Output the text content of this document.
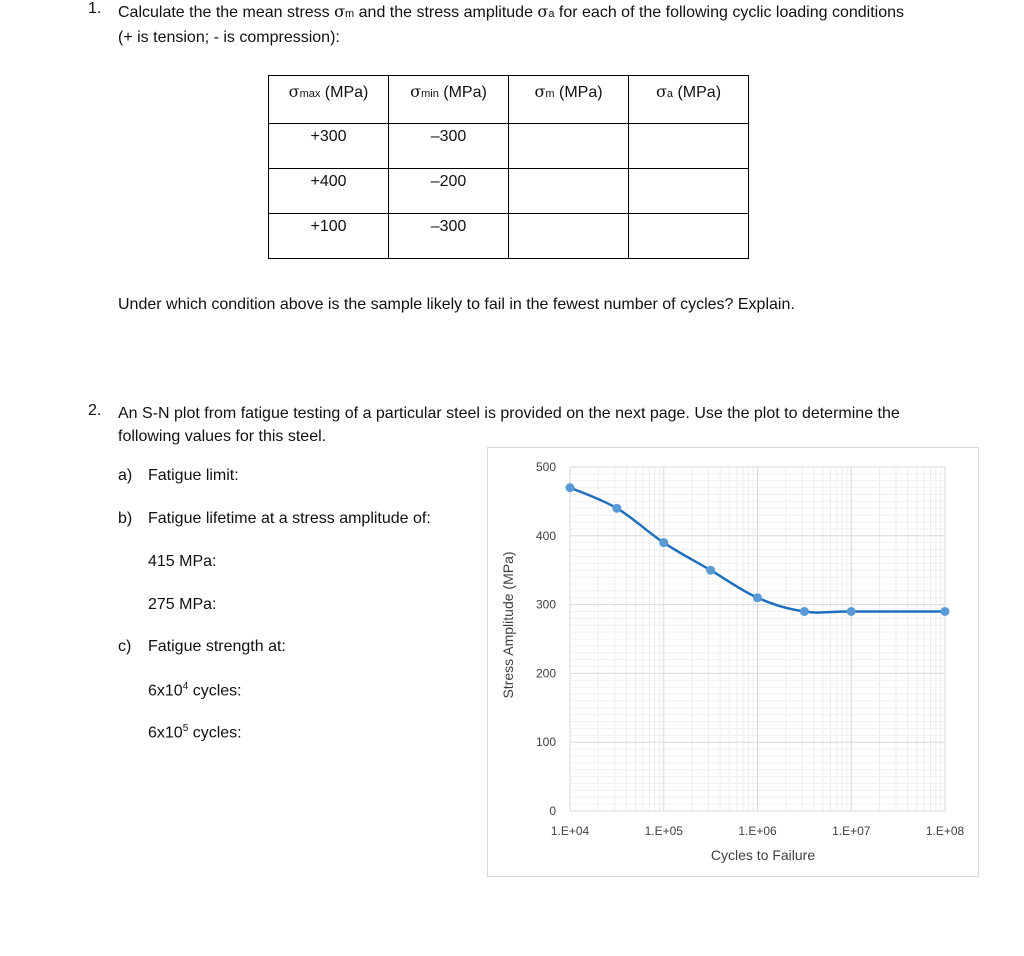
1. Calculate the the mean stress σm and the stress amplitude σa for each of the following cyclic loading conditions
(+ is tension; - is compression):
σmax (MPa)	σmin (MPa)	σm (MPa)	σa (MPa)
+300	–300		
+400	–200		
+100	–300		
Under which condition above is the sample likely to fail in the fewest number of cycles? Explain.
2. An S-N plot from fatigue testing of a particular steel is provided on the next page. Use the plot to determine the
following values for this steel.
a) Fatigue limit:
b) Fatigue lifetime at a stress amplitude of:
415 MPa:
275 MPa:
c) Fatigue strength at:
$6x10^4$ cycles:
$6x10^5$ cycles:
0
100
200
300
400
500
1.E+04	1.E+05	1.E+06	1.E+07	1.E+08
Stress Amplitude (MPa)
Cycles to Failure
